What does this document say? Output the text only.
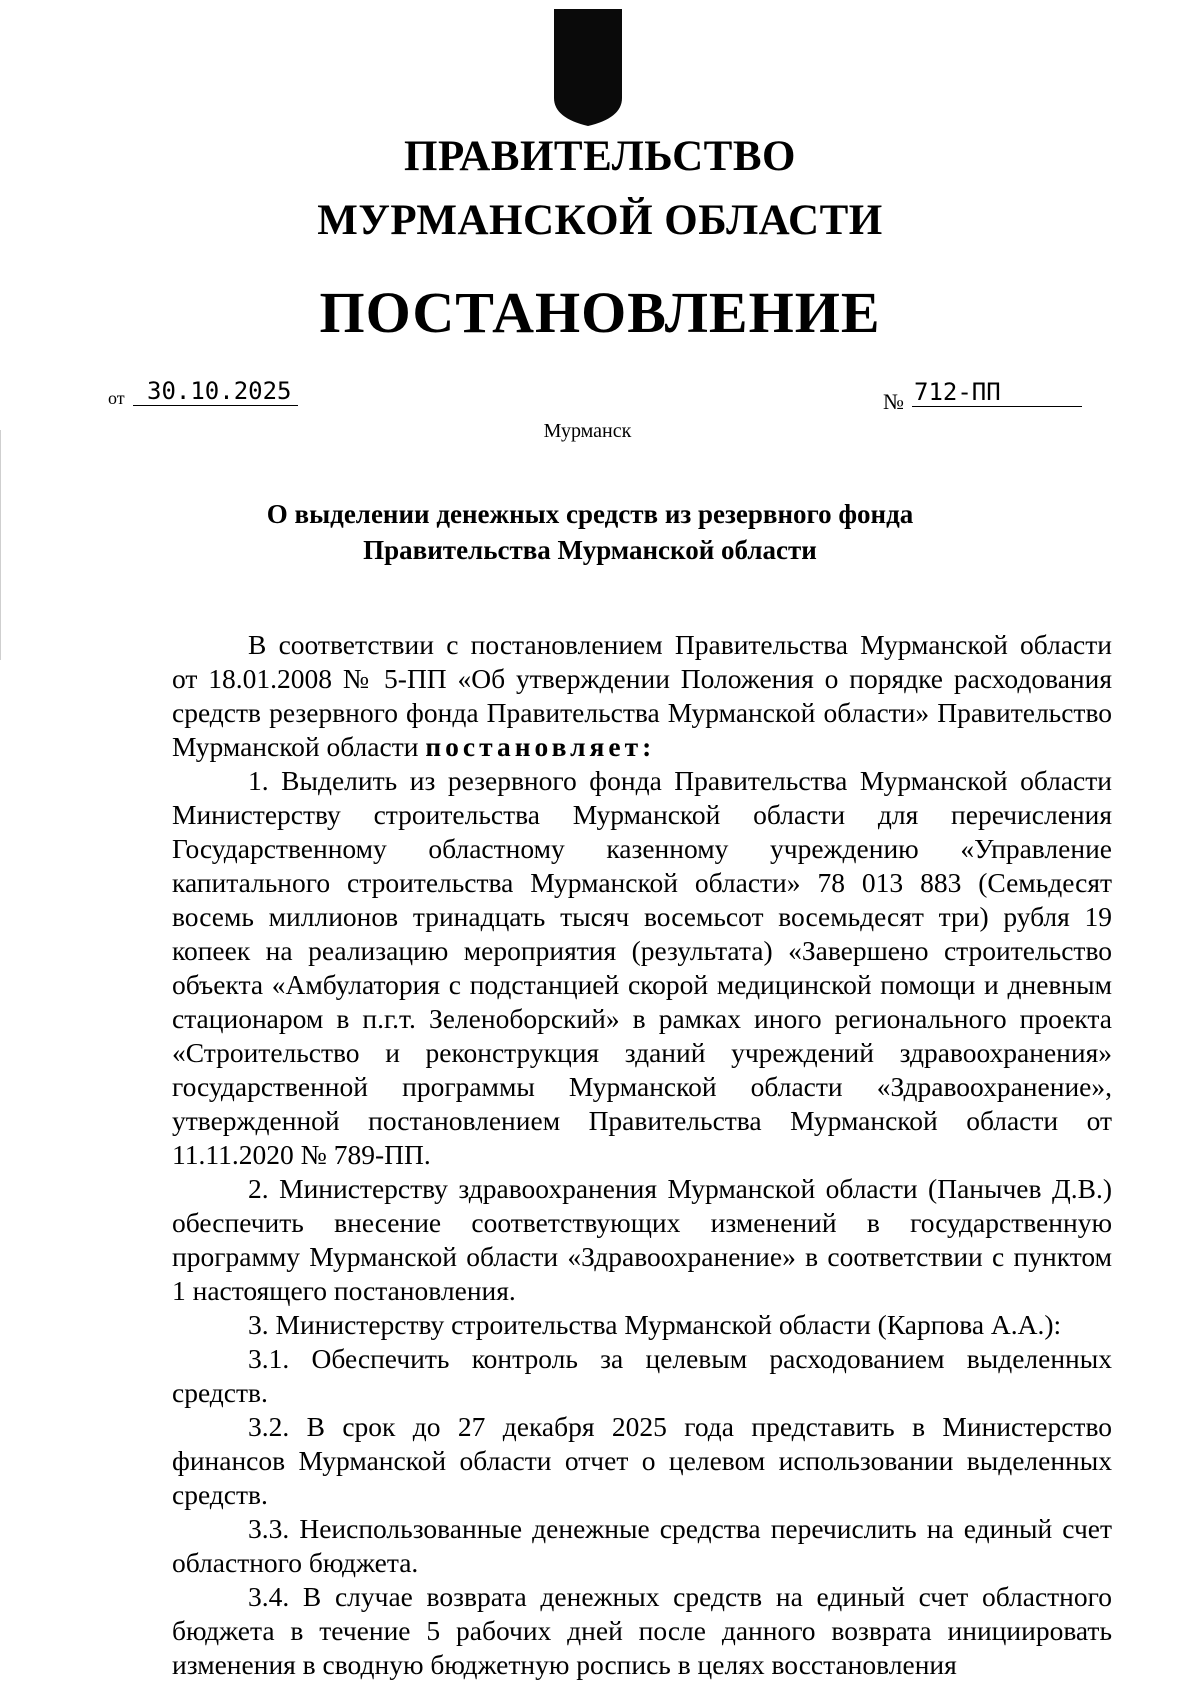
ПРАВИТЕЛЬСТВО
МУРМАНСКОЙ ОБЛАСТИ
ПОСТАНОВЛЕНИЕ
от 30.10.2025	№ 712-ПП
Мурманск
О выделении денежных средств из резервного фонда
Правительства Мурманской области

В соответствии с постановлением Правительства Мурманской области от 18.01.2008 № 5-ПП «Об утверждении Положения о порядке расходования средств резервного фонда Правительства Мурманской области» Правительство Мурманской области постановляет:

1. Выделить из резервного фонда Правительства Мурманской области Министерству строительства Мурманской области для перечисления Государственному областному казенному учреждению «Управление капитального строительства Мурманской области» 78 013 883 (Семьдесят восемь миллионов тринадцать тысяч восемьсот восемьдесят три) рубля 19 копеек на реализацию мероприятия (результата) «Завершено строительство объекта «Амбулатория с подстанцией скорой медицинской помощи и дневным стационаром в п.г.т. Зеленоборский» в рамках иного регионального проекта «Строительство и реконструкция зданий учреждений здравоохранения» государственной программы Мурманской области «Здравоохранение», утвержденной постановлением Правительства Мурманской области от 11.11.2020 № 789-ПП.

2. Министерству здравоохранения Мурманской области (Панычев Д.В.) обеспечить внесение соответствующих изменений в государственную программу Мурманской области «Здравоохранение» в соответствии с пунктом 1 настоящего постановления.

3. Министерству строительства Мурманской области (Карпова А.А.):

3.1. Обеспечить контроль за целевым расходованием выделенных средств.

3.2. В срок до 27 декабря 2025 года представить в Министерство финансов Мурманской области отчет о целевом использовании выделенных средств.

3.3. Неиспользованные денежные средства перечислить на единый счет областного бюджета.

3.4. В случае возврата денежных средств на единый счет областного бюджета в течение 5 рабочих дней после данного возврата инициировать изменения в сводную бюджетную роспись в целях восстановления
